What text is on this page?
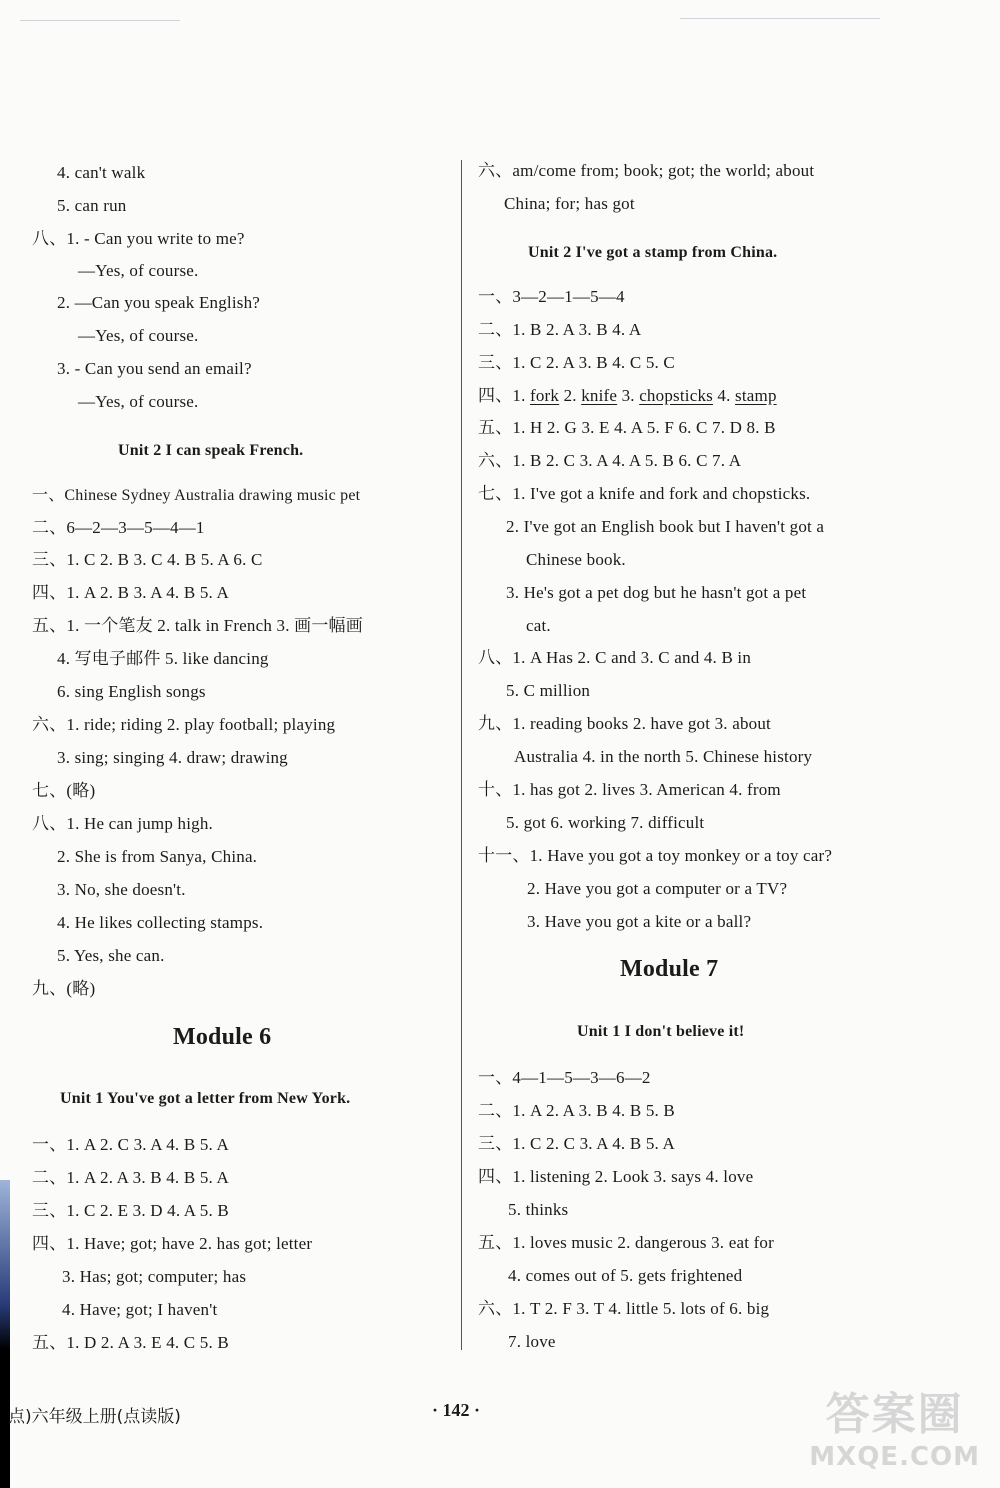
4. can't walk
5. can run
八、1. - Can you write to me?
—Yes, of course.
2. —Can you speak English?
—Yes, of course.
3. - Can you send an email?
—Yes, of course.
Unit 2 I can speak French.
一、Chinese Sydney Australia drawing music pet
二、6—2—3—5—4—1
三、1. C 2. B 3. C 4. B 5. A 6. C
四、1. A 2. B 3. A 4. B 5. A
五、1. 一个笔友 2. talk in French 3. 画一幅画
4. 写电子邮件 5. like dancing
6. sing English songs
六、1. ride; riding 2. play football; playing
3. sing; singing 4. draw; drawing
七、(略)
八、1. He can jump high.
2. She is from Sanya, China.
3. No, she doesn't.
4. He likes collecting stamps.
5. Yes, she can.
九、(略)
Module 6
Unit 1 You've got a letter from New York.
一、1. A 2. C 3. A 4. B 5. A
二、1. A 2. A 3. B 4. B 5. A
三、1. C 2. E 3. D 4. A 5. B
四、1. Have; got; have 2. has got; letter
3. Has; got; computer; has
4. Have; got; I haven't
五、1. D 2. A 3. E 4. C 5. B
六、am/come from; book; got; the world; about
China; for; has got
Unit 2 I've got a stamp from China.
一、3—2—1—5—4
二、1. B 2. A 3. B 4. A
三、1. C 2. A 3. B 4. C 5. C
四、1. fork 2. knife 3. chopsticks 4. stamp
五、1. H 2. G 3. E 4. A 5. F 6. C 7. D 8. B
六、1. B 2. C 3. A 4. A 5. B 6. C 7. A
七、1. I've got a knife and fork and chopsticks.
2. I've got an English book but I haven't got a
Chinese book.
3. He's got a pet dog but he hasn't got a pet
cat.
八、1. A Has 2. C and 3. C and 4. B in
5. C million
九、1. reading books 2. have got 3. about
Australia 4. in the north 5. Chinese history
十、1. has got 2. lives 3. American 4. from
5. got 6. working 7. difficult
十一、1. Have you got a toy monkey or a toy car?
2. Have you got a computer or a TV?
3. Have you got a kite or a ball?
Module 7
Unit 1 I don't believe it!
一、4—1—5—3—6—2
二、1. A 2. A 3. B 4. B 5. B
三、1. C 2. C 3. A 4. B 5. A
四、1. listening 2. Look 3. says 4. love
5. thinks
五、1. loves music 2. dangerous 3. eat for
4. comes out of 5. gets frightened
六、1. T 2. F 3. T 4. little 5. lots of 6. big
7. love
点)六年级上册(点读版)	· 142 ·	答案圈
MXQE.COM
